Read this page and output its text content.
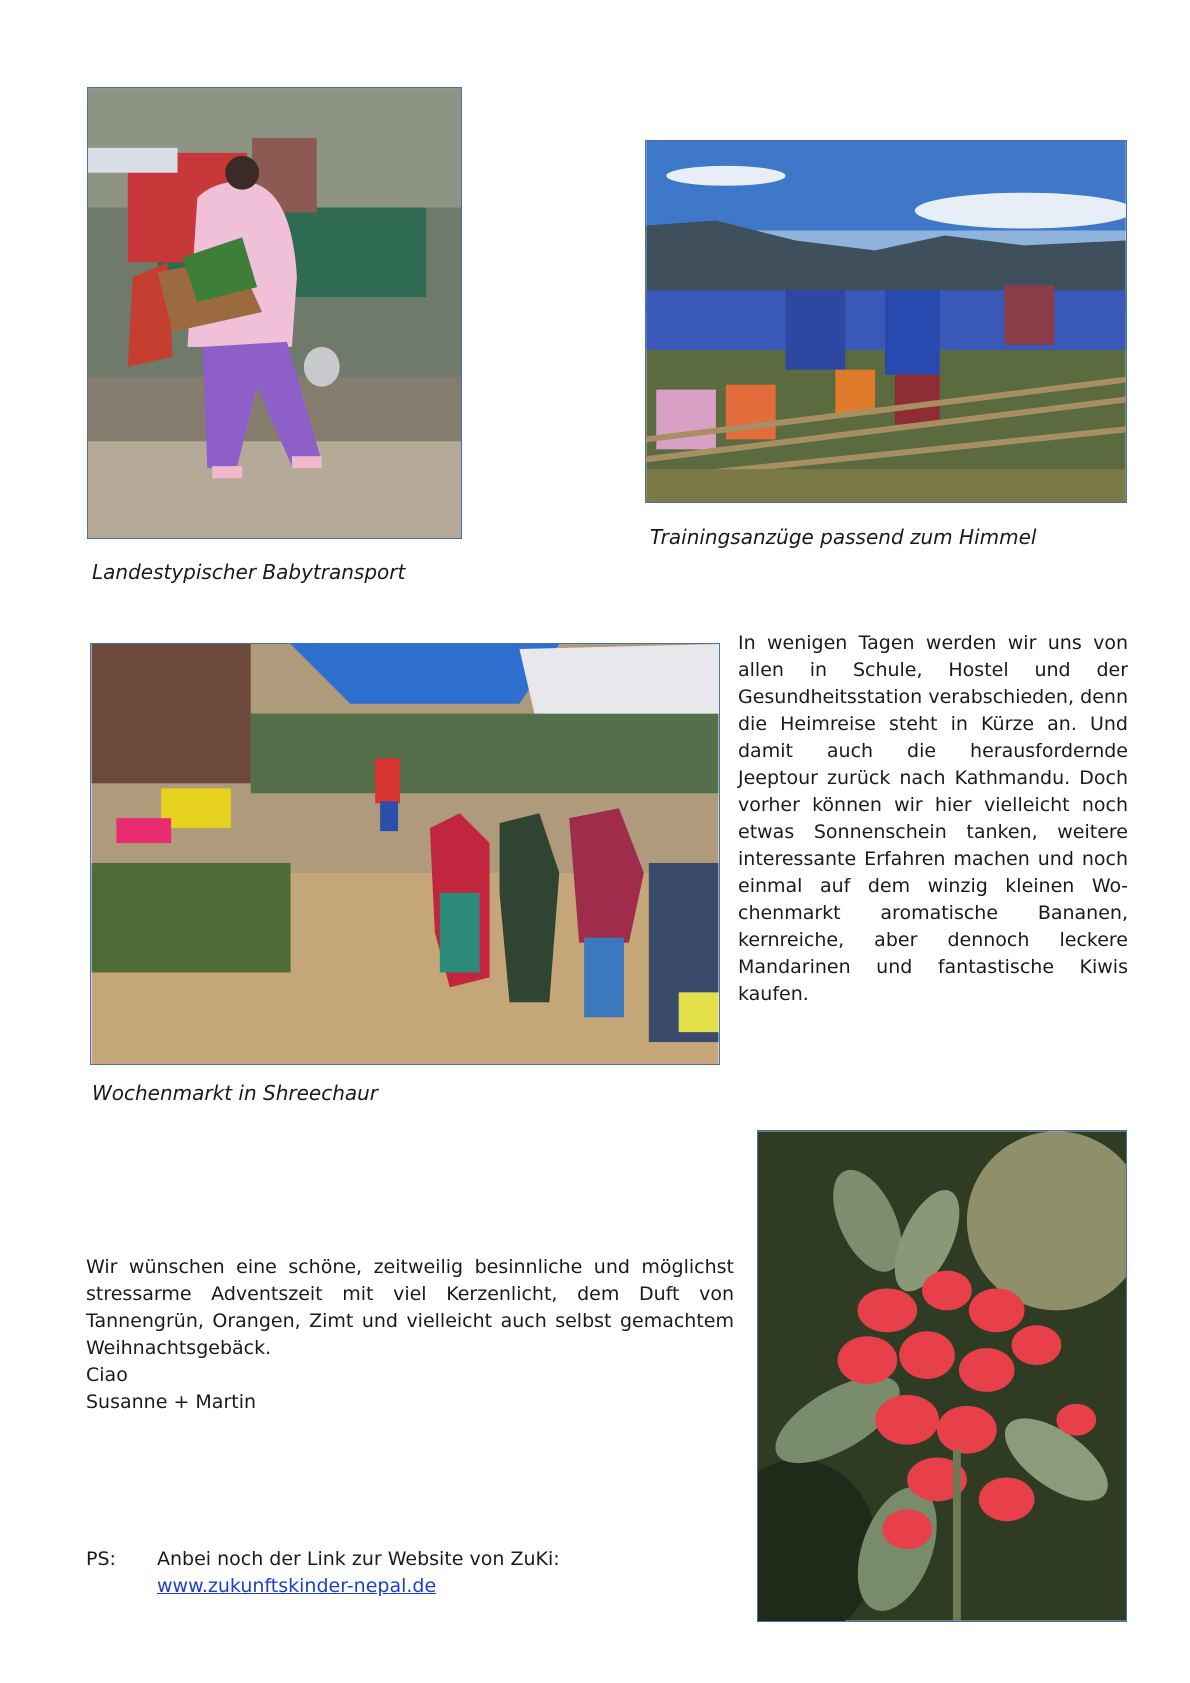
Landestypischer Babytransport
Trainingsanzüge passend zum Himmel
Wochenmarkt in Shreechaur
In wenigen Tagen werden wir uns von allen in Schule, Hostel und der Gesundheitsstation verabschieden, denn die Heimreise steht in Kürze an. Und damit auch die herausfordernde Jeeptour zurück nach Kathmandu. Doch vorher können wir hier vielleicht noch etwas Sonnenschein tanken, weitere interessante Erfahren machen und noch einmal auf dem winzig kleinen Wochenmarkt aromatische Bananen, kernreiche, aber dennoch leckere Mandarinen und fantastische Kiwis kaufen.
Wir wünschen eine schöne, zeitweilig besinnliche und möglichst stressarme Adventszeit mit viel Kerzenlicht, dem Duft von Tannengrün, Orangen, Zimt und vielleicht auch selbst gemachtem Weihnachtsgebäck.
Ciao
Susanne + Martin
PS: Anbei noch der Link zur Website von ZuKi:
www.zukunftskinder-nepal.de
